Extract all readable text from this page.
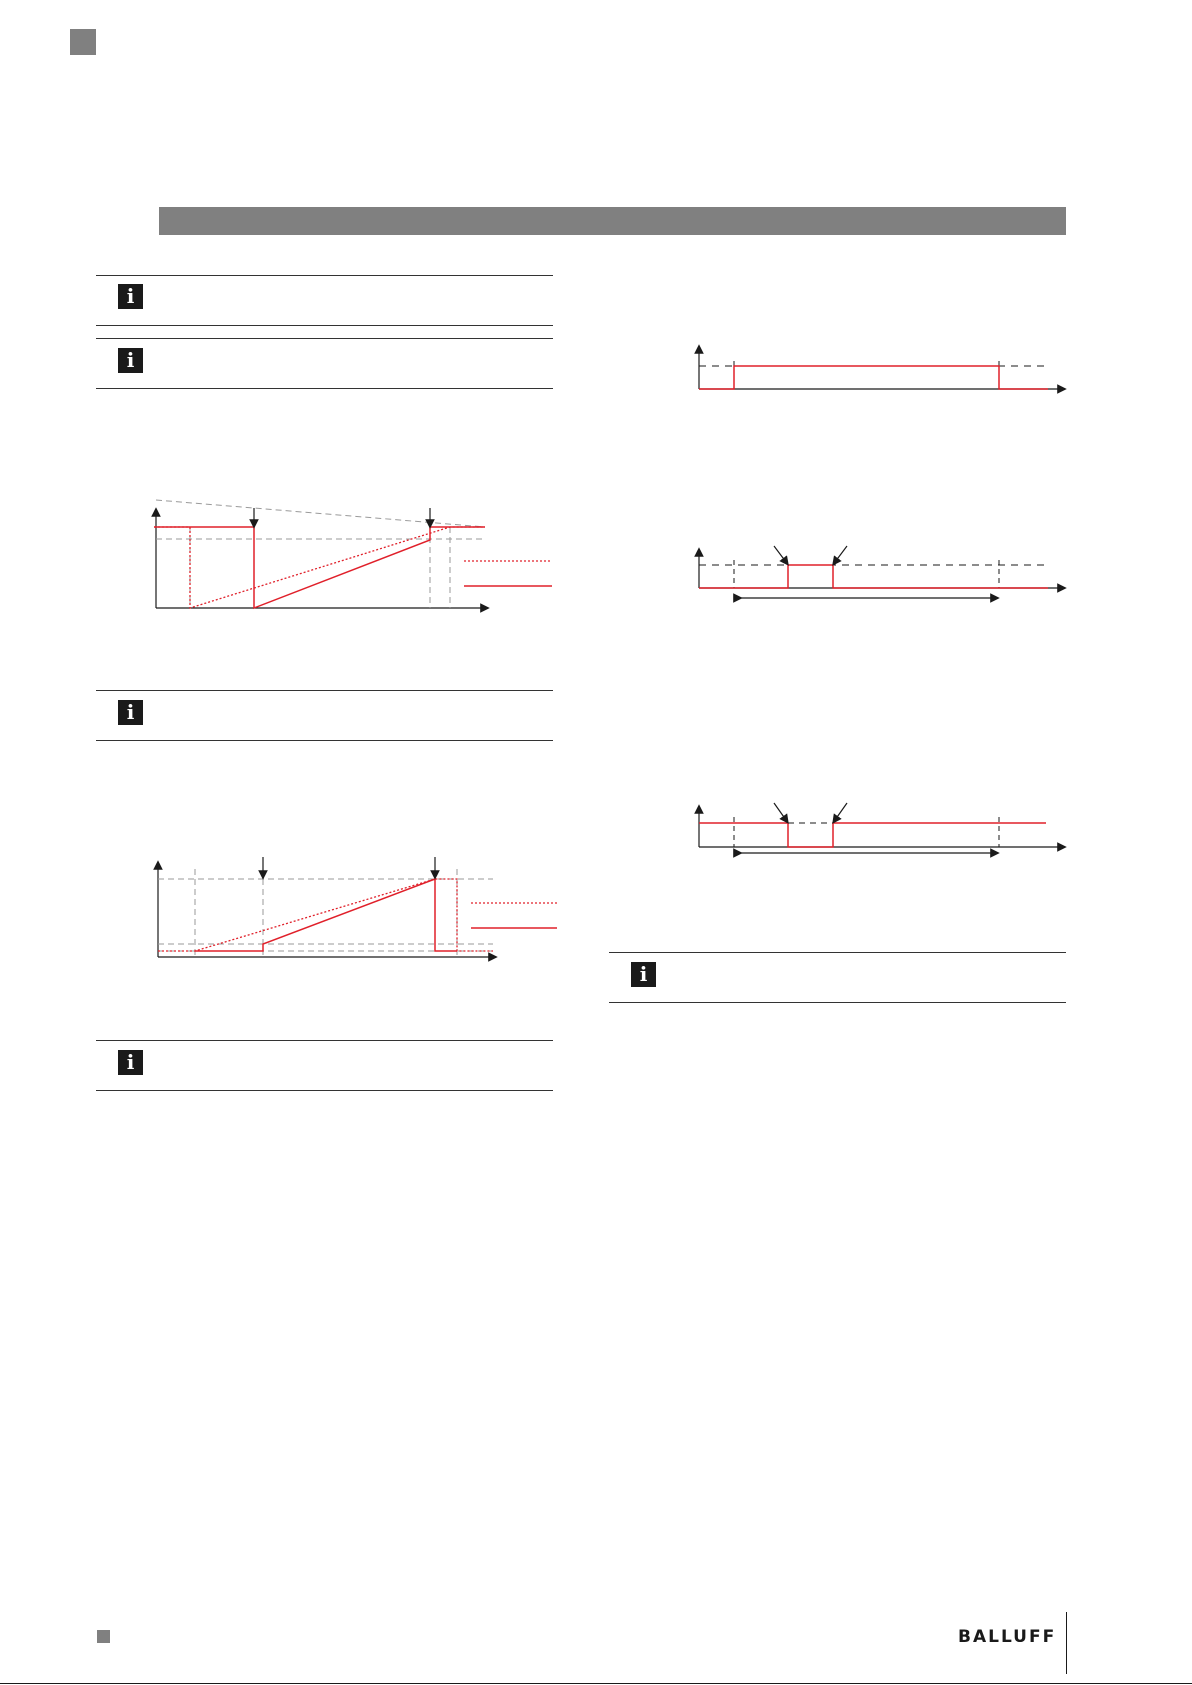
i
i
i
i
i
BALLUFF
